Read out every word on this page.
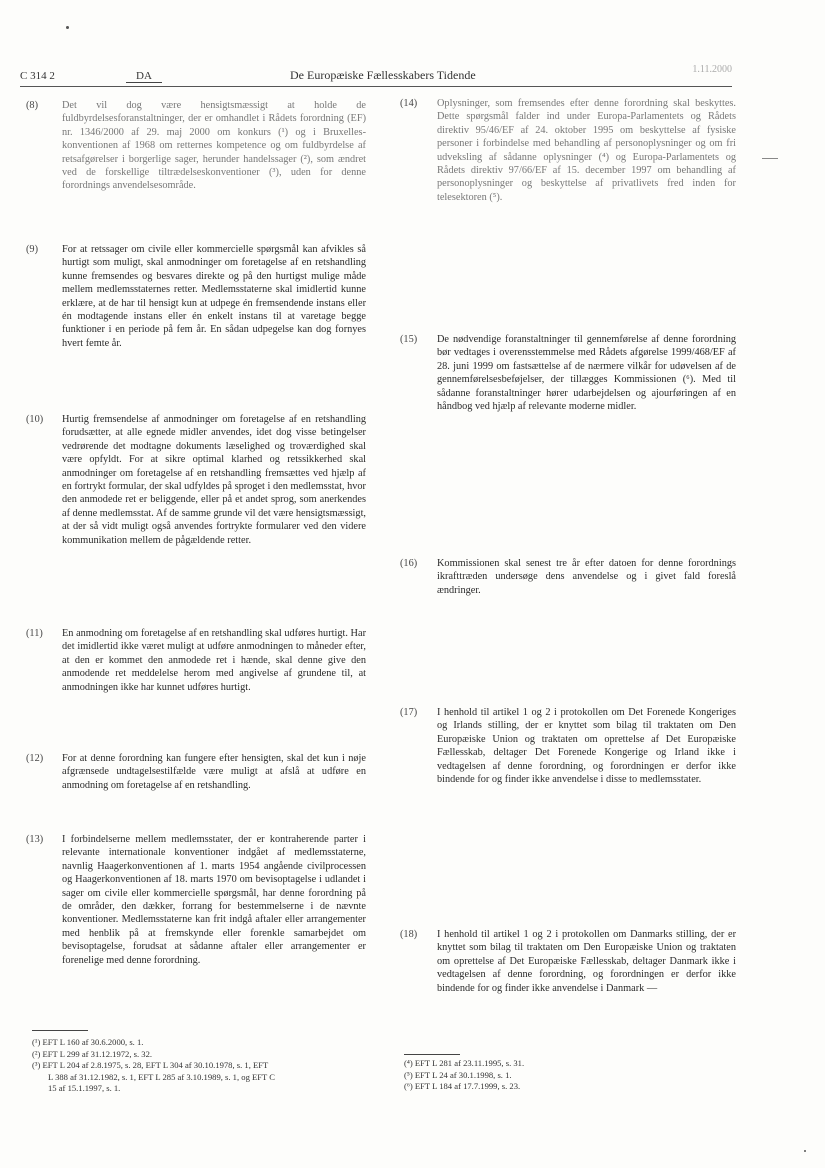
C 314 2	DA	De Europæiske Fællesskabers Tidende	1.11.2000
(8)	Det vil dog være hensigtsmæssigt at holde de fuldbyrdelsesforanstaltninger, der er omhandlet i Rådets forordning (EF) nr. 1346/2000 af 29. maj 2000 om konkurs (¹) og i Bruxelles-konventionen af 1968 om retternes kompetence og om fuldbyrdelse af retsafgørelser i borgerlige sager, herunder handelssager (²), som ændret ved de forskellige tiltrædelseskonventioner (³), uden for denne forordnings anvendelsesområde.
(9)	For at retssager om civile eller kommercielle spørgsmål kan afvikles så hurtigt som muligt, skal anmodninger om foretagelse af en retshandling kunne fremsendes og besvares direkte og på den hurtigst mulige måde mellem medlemsstaternes retter. Medlemsstaterne skal imidlertid kunne erklære, at de har til hensigt kun at udpege én fremsendende instans eller én modtagende instans eller én enkelt instans til at varetage begge funktioner i en periode på fem år. En sådan udpegelse kan dog fornyes hvert femte år.
(10)	Hurtig fremsendelse af anmodninger om foretagelse af en retshandling forudsætter, at alle egnede midler anvendes, idet dog visse betingelser vedrørende det modtagne dokuments læselighed og troværdighed skal være opfyldt. For at sikre optimal klarhed og retssikkerhed skal anmodninger om foretagelse af en retshandling fremsættes ved hjælp af en fortrykt formular, der skal udfyldes på sproget i den medlemsstat, hvor den anmodede ret er beliggende, eller på et andet sprog, som anerkendes af denne medlemsstat. Af de samme grunde vil det være hensigtsmæssigt, at der så vidt muligt også anvendes fortrykte formularer ved den videre kommunikation mellem de pågældende retter.
(11)	En anmodning om foretagelse af en retshandling skal udføres hurtigt. Har det imidlertid ikke været muligt at udføre anmodningen to måneder efter, at den er kommet den anmodede ret i hænde, skal denne give den anmodende ret meddelelse herom med angivelse af grundene til, at anmodningen ikke har kunnet udføres hurtigt.
(12)	For at denne forordning kan fungere efter hensigten, skal det kun i nøje afgrænsede undtagelsestilfælde være muligt at afslå at udføre en anmodning om foretagelse af en retshandling.
(13)	I forbindelserne mellem medlemsstater, der er kontraherende parter i relevante internationale konventioner indgået af medlemsstaterne, navnlig Haagerkonventionen af 1. marts 1954 angående civilprocessen og Haagerkonventionen af 18. marts 1970 om bevisoptagelse i udlandet i sager om civile eller kommercielle spørgsmål, har denne forordning på de områder, den dækker, forrang for bestemmelserne i de nævnte konventioner. Medlemsstaterne kan frit indgå aftaler eller arrangementer med henblik på at fremskynde eller forenkle samarbejdet om bevisoptagelse, forudsat at sådanne aftaler eller arrangementer er forenelige med denne forordning.
(¹) EFT L 160 af 30.6.2000, s. 1.
(²) EFT L 299 af 31.12.1972, s. 32.
(³) EFT L 204 af 2.8.1975, s. 28, EFT L 304 af 30.10.1978, s. 1, EFT
L 388 af 31.12.1982, s. 1, EFT L 285 af 3.10.1989, s. 1, og EFT C
15 af 15.1.1997, s. 1.
(14)	Oplysninger, som fremsendes efter denne forordning skal beskyttes. Dette spørgsmål falder ind under Europa-Parlamentets og Rådets direktiv 95/46/EF af 24. oktober 1995 om beskyttelse af fysiske personer i forbindelse med behandling af personoplysninger og om fri udveksling af sådanne oplysninger (⁴) og Europa-Parlamentets og Rådets direktiv 97/66/EF af 15. december 1997 om behandling af personoplysninger og beskyttelse af privatlivets fred inden for telesektoren (⁵).
(15)	De nødvendige foranstaltninger til gennemførelse af denne forordning bør vedtages i overensstemmelse med Rådets afgørelse 1999/468/EF af 28. juni 1999 om fastsættelse af de nærmere vilkår for udøvelsen af de gennemførelsesbeføjelser, der tillægges Kommissionen (⁶). Med til sådanne foranstaltninger hører udarbejdelsen og ajourføringen af en håndbog ved hjælp af relevante moderne midler.
(16)	Kommissionen skal senest tre år efter datoen for denne forordnings ikrafttræden undersøge dens anvendelse og i givet fald foreslå ændringer.
(17)	I henhold til artikel 1 og 2 i protokollen om Det Forenede Kongeriges og Irlands stilling, der er knyttet som bilag til traktaten om Den Europæiske Union og traktaten om oprettelse af Det Europæiske Fællesskab, deltager Det Forenede Kongerige og Irland ikke i vedtagelsen af denne forordning, og forordningen er derfor ikke bindende for og finder ikke anvendelse i disse to medlemsstater.
(18)	I henhold til artikel 1 og 2 i protokollen om Danmarks stilling, der er knyttet som bilag til traktaten om Den Europæiske Union og traktaten om oprettelse af Det Europæiske Fællesskab, deltager Danmark ikke i vedtagelsen af denne forordning, og forordningen er derfor ikke bindende for og finder ikke anvendelse i Danmark —
(⁴) EFT L 281 af 23.11.1995, s. 31.
(⁵) EFT L 24 af 30.1.1998, s. 1.
(⁶) EFT L 184 af 17.7.1999, s. 23.
